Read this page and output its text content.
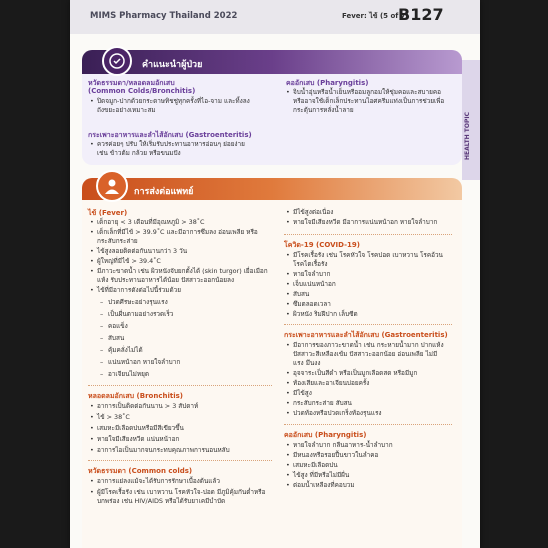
MIMS Pharmacy Thailand 2022	Fever: ไข้ (5 of 7)
B127
HEALTH TOPIC
คำแนะนำผู้ป่วย
หวัดธรรมดา/หลอดลมอักเสบ
(Common Colds/Bronchitis)
• ปิดจมูก-ปากด้วยกระดาษทิชชู่ทุกครั้งที่ไอ-จาม และทิ้งลง
ถังขยะอย่างเหมาะสม
กระเพาะอาหารและลำไส้อักเสบ (Gastroenteritis)
• ควรค่อยๆ ปรับ ให้เริ่มรับประทานอาหารอ่อนๆ ย่อยง่าย
เช่น ข้าวต้ม กล้วย หรือขนมปัง
คออักเสบ (Pharyngitis)
• จิบน้ำอุ่นหรือน้ำเย็นหรืออมลูกอมให้ชุ่มคอและสบายคอ
หรืออาจใช้เด็กเล็กประทานไอศครีมแท่งเป็นการช่วยเพื่อ
กระตุ้นการหลั่งน้ำลาย
การส่งต่อแพทย์
ไข้ (Fever)
• เด็กอายุ < 3 เดือนที่มีอุณหภูมิ > 38˚C
• เด็กเล็กที่มีไข้ > 39.9˚C และมีอาการซึมลง อ่อนเพลีย หรือ
กระสับกระส่าย
• ไข้สูงลอยติดต่อกันนานกว่า 3 วัน
• ผู้ใหญ่ที่มีไข้ > 39.4˚C
• มีภาวะขาดน้ำ เช่น ผิวหนังจับยกตั้งได้ (skin turgor) เยื่อเมือก
แห้ง รับประทานอาหารได้น้อย ปัสสาวะออกน้อยลง
• ไข้ที่มีอาการดังต่อไปนี้ร่วมด้วย
– ปวดศีรษะอย่างรุนแรง
– เป็นผื่นตามอย่างรวดเร็ว
– คอแข็ง
– สับสน
– คุ้มคลั่งไม่ได้
– แน่นหน้าอก หายใจลำบาก
– อาเจียนไม่หยุด
หลอดลมอักเสบ (Bronchitis)
• อาการเป็นติดต่อกันนาน > 3 สัปดาห์
• ไข้ > 38˚C
• เสมหะมีเลือดปนหรือมีสีเขียวขึ้น
• หายใจมีเสียงหวีด แน่นหน้าอก
• อาการไอเป็นมากจนกระทบคุณภาพการนอนหลับ
หวัดธรรมดา (Common colds)
• อาการแย่ลงแม้จะได้รับการรักษาเบื้องต้นแล้ว
• ผู้มีโรคเรื้อรัง เช่น เบาหวาน โรคหัวใจ-ปอด มีภูมิคุ้มกันต่ำหรือ
บกพร่อง เช่น HIV/AIDS หรือได้รับยาเคมีบำบัด
• มีไข้สูงต่อเนื่อง
• หายใจมีเสียงหวีด มีอาการแน่นหน้าอก หายใจลำบาก
โควิด-19 (COVID-19)
• มีโรคเรื้อรัง เช่น โรคหัวใจ โรคปอด เบาหวาน โรคอ้วน
โรคไตเรื้อรัง
• หายใจลำบาก
• เจ็บแน่นหน้าอก
• สับสน
• ซึมตลอดเวลา
• ผิวหนัง ริมฝีปาก เล็บซีด
กระเพาะอาหารและลำไส้อักเสบ (Gastroenteritis)
• มีอาการของภาวะขาดน้ำ เช่น กระหายน้ำมาก ปากแห้ง
ปัสสาวะสีเหลืองเข้ม ปัสสาวะออกน้อย อ่อนเพลีย ไม่มี
แรง มึนงง
• อุจจาระเป็นสีดำ หรือเป็นมูกเลือดสด หรือมีมูก
• ท้องเสียและอาเจียนบ่อยครั้ง
• มีไข้สูง
• กระสับกระส่าย สับสน
• ปวดท้องหรือปวดเกร็งท้องรุนแรง
คออักเสบ (Pharyngitis)
• หายใจลำบาก กลืนอาหาร-น้ำลำบาก
• มีหนองหรือรอยปื้นขาวในลำคอ
• เสมหะมีเลือดปน
• ไข้สูง ที่มีหรือไม่มีผื่น
• ต่อมน้ำเหลืองที่คอบวม
